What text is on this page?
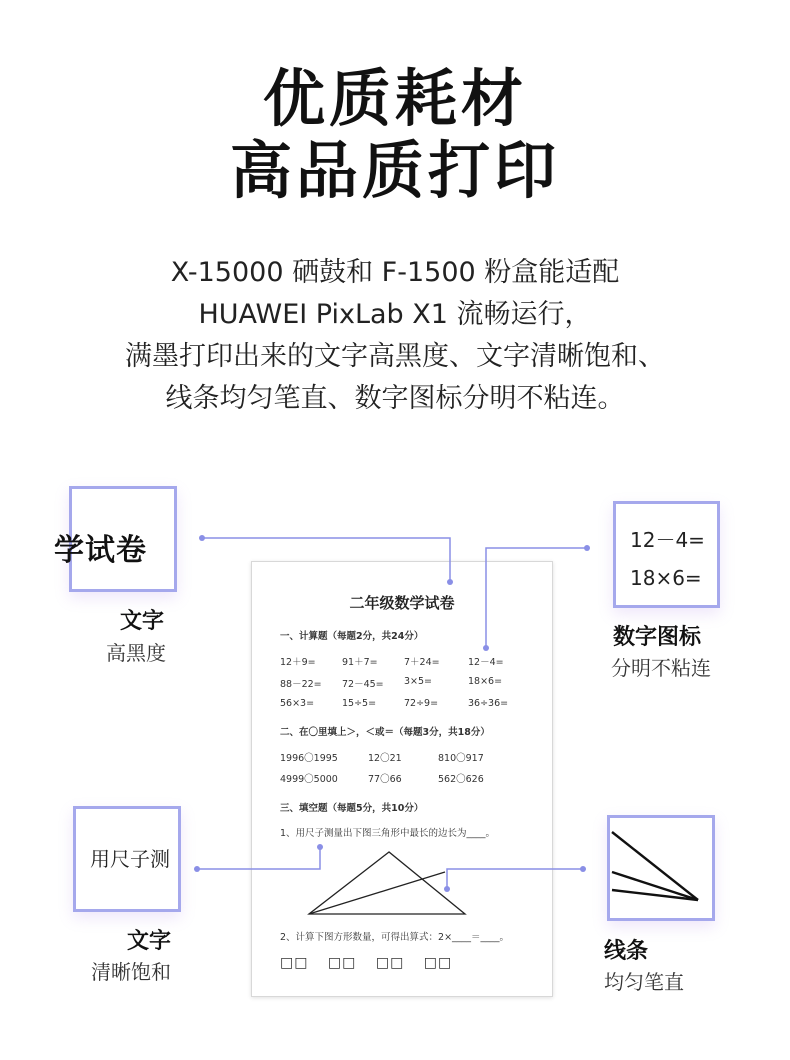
优质耗材
高品质打印
X-15000 硒鼓和 F-1500 粉盒能适配
HUAWEI PixLab X1 流畅运行，
满墨打印出来的文字高黑度、文字清晰饱和、
线条均匀笔直、数字图标分明不粘连。
二年级数学试卷
一、计算题（每题2分，共24分）
12＋9=	91＋7=	7＋24=	12－4=
88－22= 72－45= 3×5=	18×6=
56×3=	15÷5=	72÷9=	36÷36=
二、在〇里填上＞，＜或＝（每题3分，共18分）
1996〇1995	12〇21	810〇917
4999〇5000	77〇66	562〇626
三、填空题（每题5分，共10分）
1、用尺子测量出下图三角形中最长的边长为____。
2、计算下图方形数量，可得出算式：2×____＝____。
□□ □□ □□ □□
学试卷
文字
高黑度
12－4=
18×6=
数字图标
分明不粘连
用尺子测
文字
清晰饱和
线条
均匀笔直
